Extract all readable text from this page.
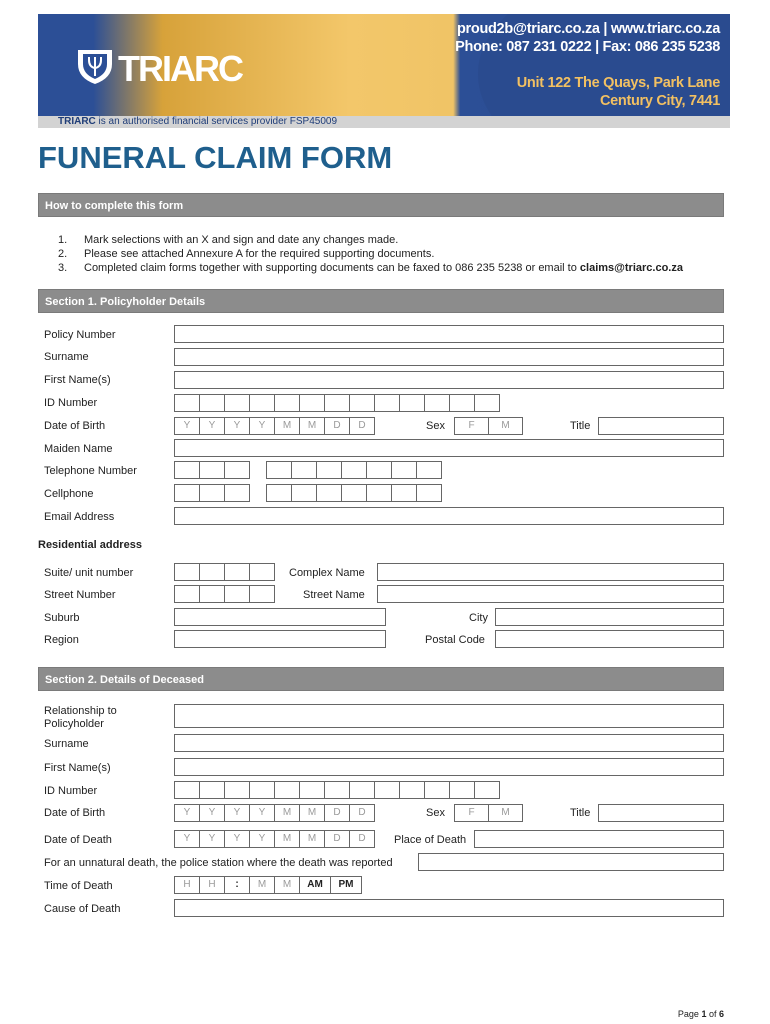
proud2b@triarc.co.za | www.triarc.co.za
Phone: 087 231 0222 | Fax: 086 235 5238
Unit 122 The Quays, Park Lane
Century City, 7441
TRIARC
TRIARC is an authorised financial services provider FSP45009
FUNERAL CLAIM FORM
How to complete this form
1. Mark selections with an X and sign and date any changes made.
2. Please see attached Annexure A for the required supporting documents.
3. Completed claim forms together with supporting documents can be faxed to 086 235 5238 or email to claims@triarc.co.za
Section 1. Policyholder Details
Policy Number
Surname
First Name(s)
ID Number
Date of Birth	Y	Y	Y	Y	M	M	D	D	Sex	F	M	Title
Maiden Name
Telephone Number
Cellphone
Email Address
Residential address
Suite/ unit number	Complex Name
Street Number	Street Name
Suburb	City
Region	Postal Code
Section 2. Details of Deceased
Relationship to Policyholder
Surname
First Name(s)
ID Number
Date of Birth	Y	Y	Y	Y	M	M	D	D	Sex	F	M	Title
Date of Death	Y	Y	Y	Y	M	M	D	D	Place of Death
For an unnatural death, the police station where the death was reported
Time of Death	H	H	:	M	M	AM	PM
Cause of Death
Page 1 of 6
